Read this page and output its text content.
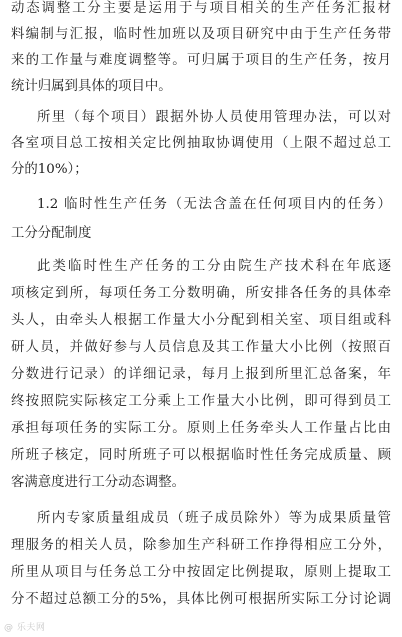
动态调整工分主要是运用于与项目相关的生产任务汇报材
料编制与汇报，临时性加班以及项目研究中由于生产任务带
来的工作量与难度调整等。可归属于项目的生产任务，按月
统计归属到具体的项目中。
所里（每个项目）跟据外协人员使用管理办法，可以对
各室项目总工按相关定比例抽取协调使用（上限不超过总工
分的10%）；
1.2 临时性生产任务（无法含盖在任何项目内的任务）
工分分配制度
此类临时性生产任务的工分由院生产技术科在年底逐
项核定到所，每项任务工分数明确，所安排各任务的具体牵
头人，由牵头人根据工作量大小分配到相关室、项目组或科
研人员，并做好参与人员信息及其工作量大小比例（按照百
分数进行记录）的详细记录，每月上报到所里汇总备案，年
终按照院实际核定工分乘上工作量大小比例，即可得到员工
承担每项任务的实际工分。原则上任务牵头人工作量占比由
所班子核定，同时所班子可以根据临时性任务完成质量、顾
客满意度进行工分动态调整。
所内专家质量组成员（班子成员除外）等为成果质量管
理服务的相关人员，除参加生产科研工作挣得相应工分外，
所里从项目与任务总工分中按固定比例提取，原则上提取工
分不超过总额工分的5%，具体比例可根据所实际工分讨论调
@ 乐夫网
